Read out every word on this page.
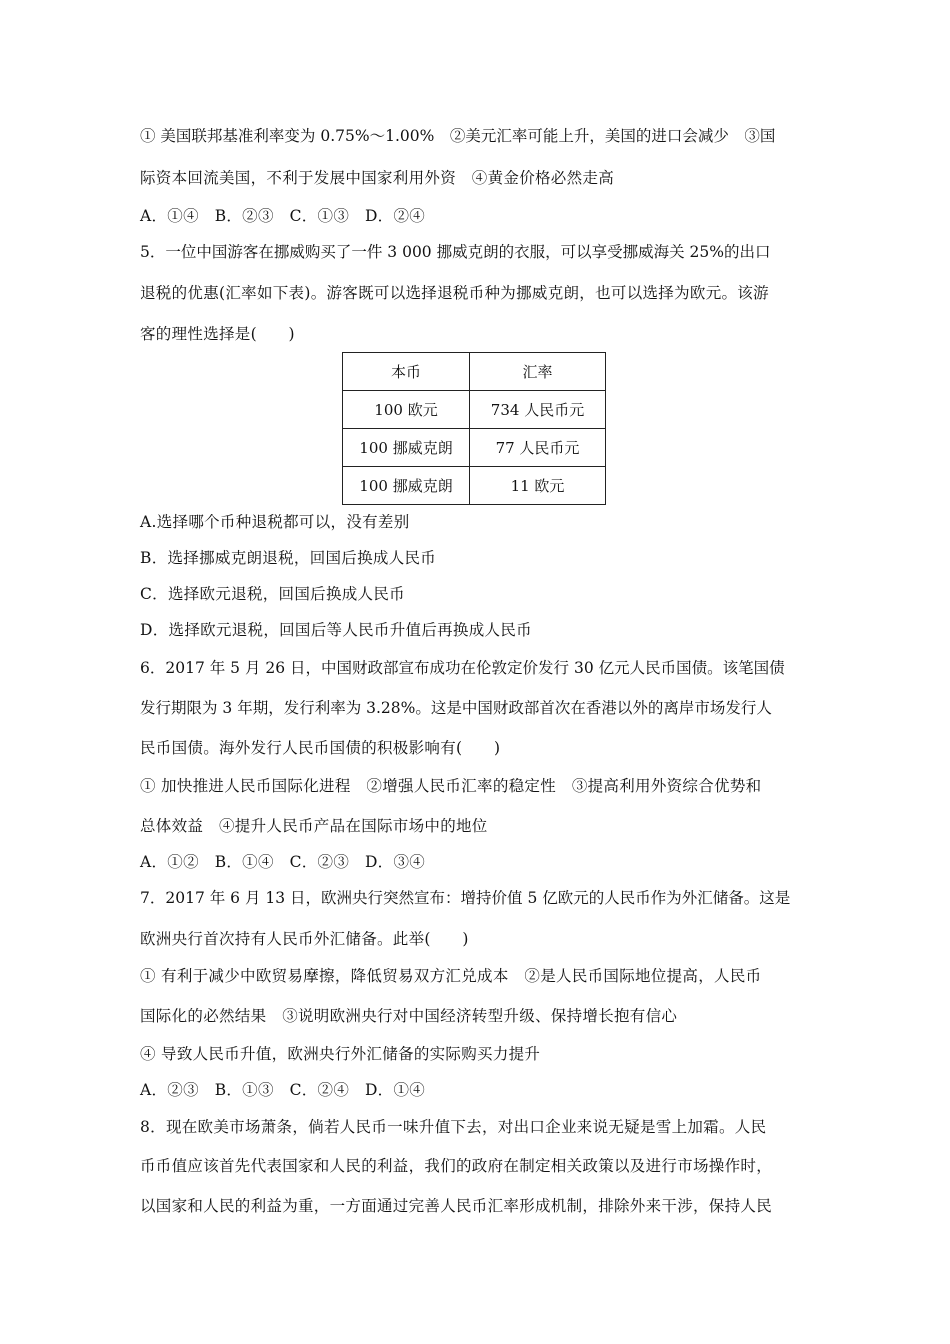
① 美国联邦基准利率变为 0.75%～1.00%　②美元汇率可能上升，美国的进口会减少　③国
际资本回流美国，不利于发展中国家利用外资　④黄金价格必然走高
A．①④　B．②③　C．①③　D．②④
5．一位中国游客在挪威购买了一件 3 000 挪威克朗的衣服，可以享受挪威海关 25%的出口
退税的优惠(汇率如下表)。游客既可以选择退税币种为挪威克朗，也可以选择为欧元。该游
客的理性选择是(　　)
本币	汇率
100 欧元	734 人民币元
100 挪威克朗	77 人民币元
100 挪威克朗	11 欧元
A.选择哪个币种退税都可以，没有差别
B．选择挪威克朗退税，回国后换成人民币
C．选择欧元退税，回国后换成人民币
D．选择欧元退税，回国后等人民币升值后再换成人民币
6．2017 年 5 月 26 日，中国财政部宣布成功在伦敦定价发行 30 亿元人民币国债。该笔国债
发行期限为 3 年期，发行利率为 3.28%。这是中国财政部首次在香港以外的离岸市场发行人
民币国债。海外发行人民币国债的积极影响有(　　)
① 加快推进人民币国际化进程　②增强人民币汇率的稳定性　③提高利用外资综合优势和
总体效益　④提升人民币产品在国际市场中的地位
A．①②　B．①④　C．②③　D．③④
7．2017 年 6 月 13 日，欧洲央行突然宣布：增持价值 5 亿欧元的人民币作为外汇储备。这是
欧洲央行首次持有人民币外汇储备。此举(　　)
① 有利于减少中欧贸易摩擦，降低贸易双方汇兑成本　②是人民币国际地位提高，人民币
国际化的必然结果　③说明欧洲央行对中国经济转型升级、保持增长抱有信心
④ 导致人民币升值，欧洲央行外汇储备的实际购买力提升
A．②③　B．①③　C．②④　D．①④
8．现在欧美市场萧条，倘若人民币一味升值下去，对出口企业来说无疑是雪上加霜。人民
币币值应该首先代表国家和人民的利益，我们的政府在制定相关政策以及进行市场操作时，
以国家和人民的利益为重，一方面通过完善人民币汇率形成机制，排除外来干涉，保持人民
